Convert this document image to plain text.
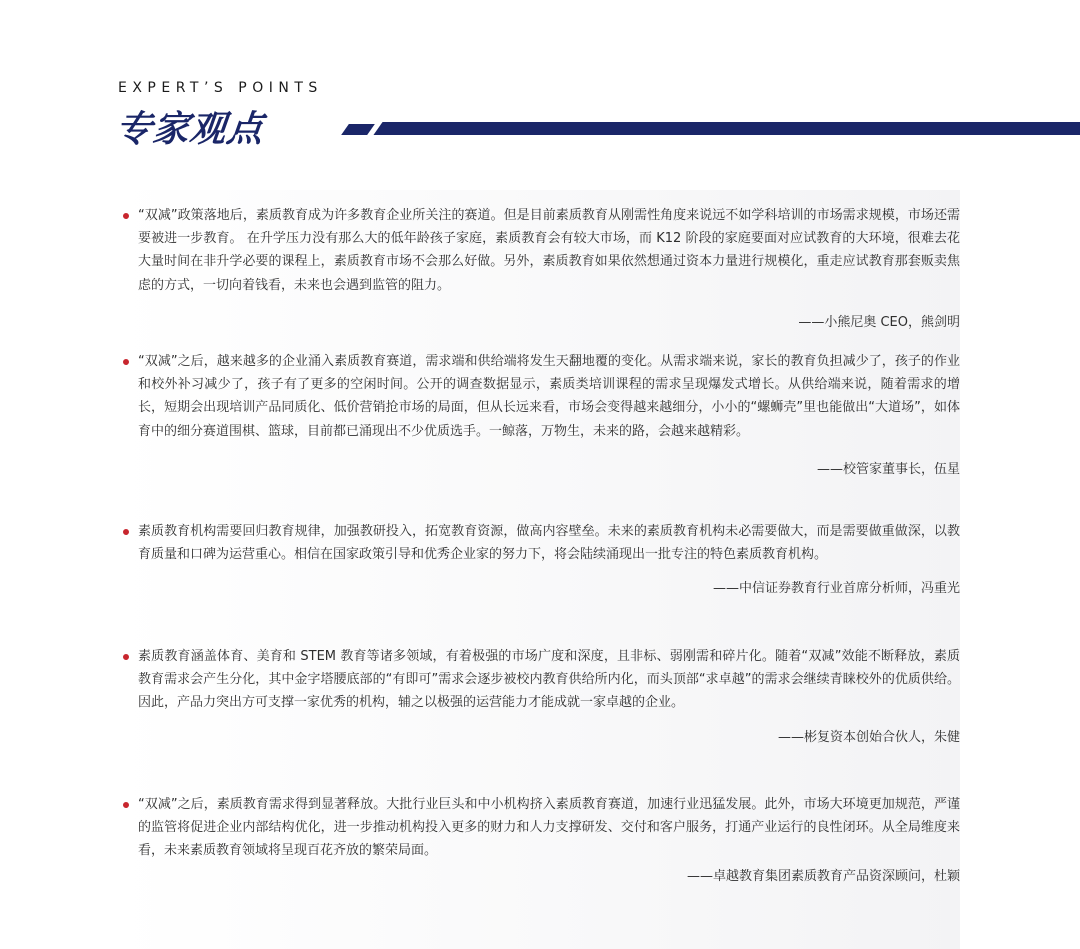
EXPERT’S POINTS
专家观点

“双减”政策落地后，素质教育成为许多教育企业所关注的赛道。但是目前素质教育从刚需性角度来说远不如学科培训的市场需求规模，市场还需要被进一步教育。 在升学压力没有那么大的低年龄孩子家庭，素质教育会有较大市场，而 K12 阶段的家庭要面对应试教育的大环境，很难去花大量时间在非升学必要的课程上，素质教育市场不会那么好做。另外，素质教育如果依然想通过资本力量进行规模化，重走应试教育那套贩卖焦虑的方式，一切向着钱看，未来也会遇到监管的阻力。

——小熊尼奥 CEO，熊剑明

“双减”之后，越来越多的企业涌入素质教育赛道，需求端和供给端将发生天翻地覆的变化。从需求端来说，家长的教育负担减少了，孩子的作业和校外补习减少了，孩子有了更多的空闲时间。公开的调查数据显示，素质类培训课程的需求呈现爆发式增长。从供给端来说，随着需求的增长，短期会出现培训产品同质化、低价营销抢市场的局面，但从长远来看，市场会变得越来越细分，小小的“螺蛳壳”里也能做出“大道场”，如体育中的细分赛道围棋、篮球，目前都已涌现出不少优质选手。一鲸落，万物生，未来的路，会越来越精彩。

——校管家董事长，伍星

素质教育机构需要回归教育规律，加强教研投入，拓宽教育资源，做高内容壁垒。未来的素质教育机构未必需要做大，而是需要做重做深，以教育质量和口碑为运营重心。相信在国家政策引导和优秀企业家的努力下，将会陆续涌现出一批专注的特色素质教育机构。

——中信证券教育行业首席分析师，冯重光

素质教育涵盖体育、美育和 STEM 教育等诸多领域，有着极强的市场广度和深度，且非标、弱刚需和碎片化。随着“双减”效能不断释放，素质教育需求会产生分化，其中金字塔腰底部的“有即可”需求会逐步被校内教育供给所内化，而头顶部“求卓越”的需求会继续青睐校外的优质供给。因此，产品力突出方可支撑一家优秀的机构，辅之以极强的运营能力才能成就一家卓越的企业。

——彬复资本创始合伙人，朱健

“双减”之后，素质教育需求得到显著释放。大批行业巨头和中小机构挤入素质教育赛道，加速行业迅猛发展。此外，市场大环境更加规范，严谨的监管将促进企业内部结构优化，进一步推动机构投入更多的财力和人力支撑研发、交付和客户服务，打通产业运行的良性闭环。从全局维度来看，未来素质教育领域将呈现百花齐放的繁荣局面。

——卓越教育集团素质教育产品资深顾问，杜颖
